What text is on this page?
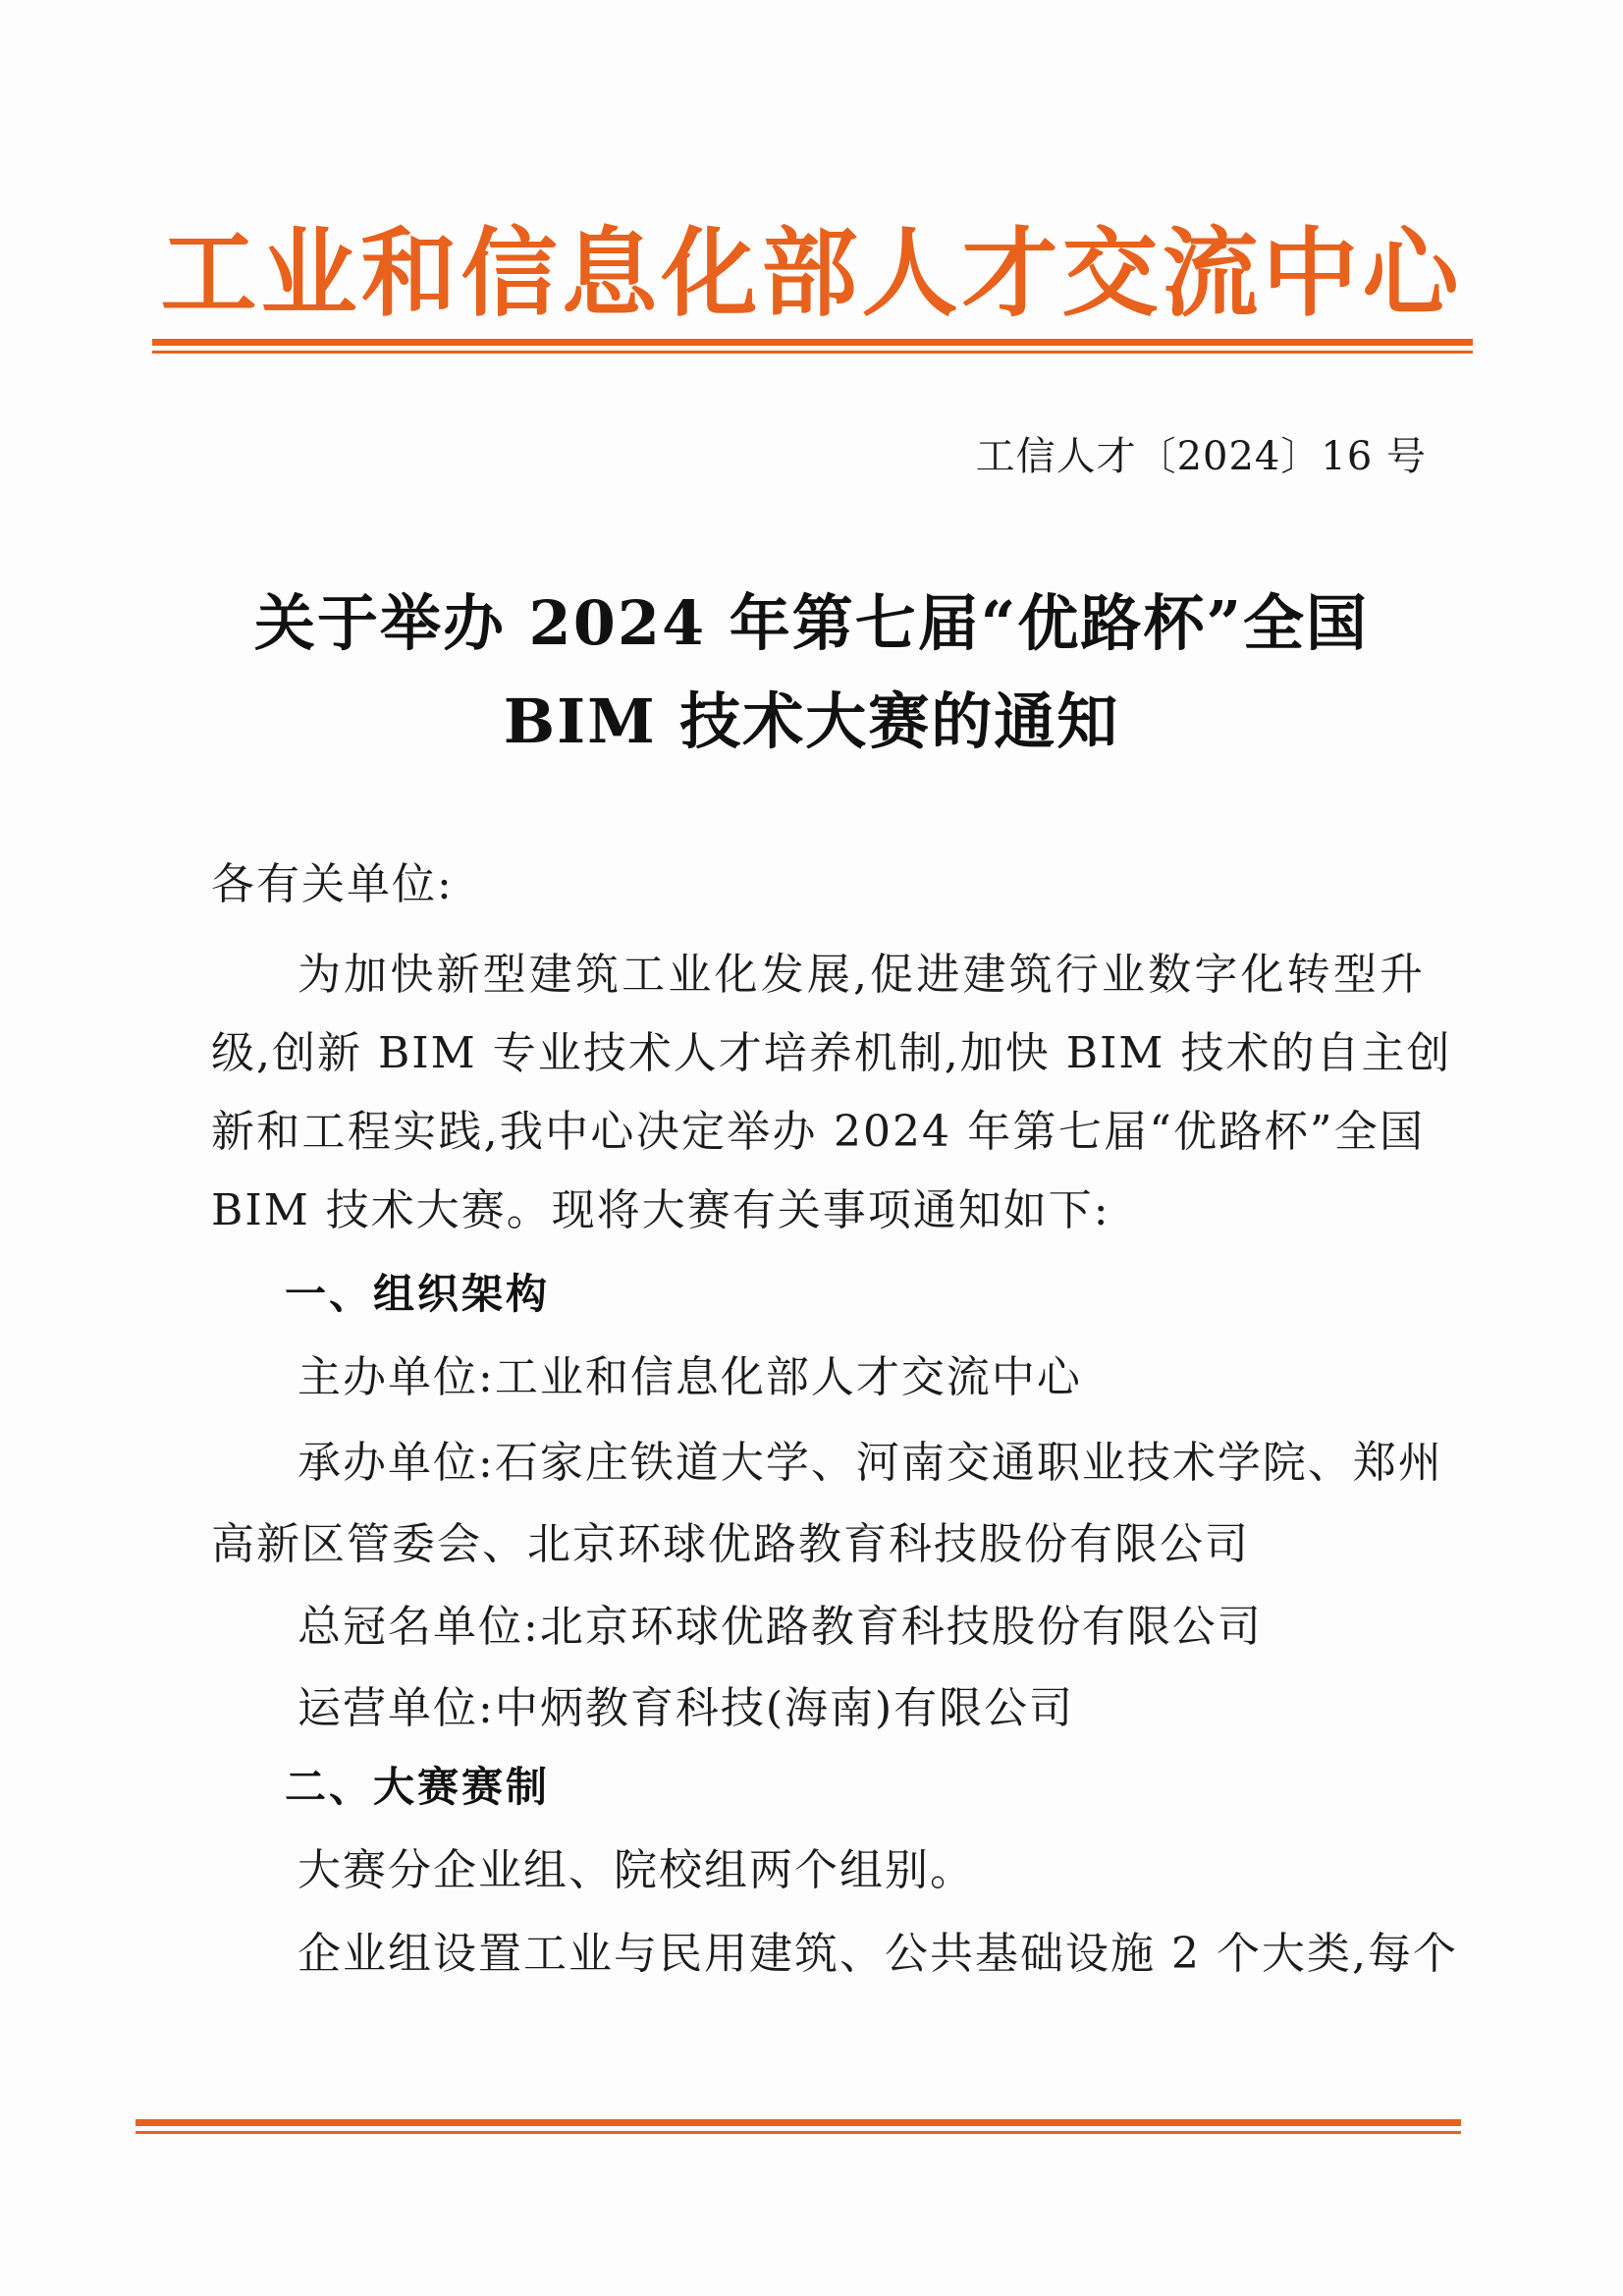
工业和信息化部人才交流中心
工信人才〔2024〕16 号
关于举办 2024 年第七届“优路杯”全国
BIM 技术大赛的通知
各有关单位:
为加快新型建筑工业化发展,促进建筑行业数字化转型升
级,创新 BIM 专业技术人才培养机制,加快 BIM 技术的自主创
新和工程实践,我中心决定举办 2024 年第七届“优路杯”全国
BIM 技术大赛。现将大赛有关事项通知如下:
一、组织架构
主办单位:工业和信息化部人才交流中心
承办单位:石家庄铁道大学、河南交通职业技术学院、郑州
高新区管委会、北京环球优路教育科技股份有限公司
总冠名单位:北京环球优路教育科技股份有限公司
运营单位:中炳教育科技(海南)有限公司
二、大赛赛制
大赛分企业组、院校组两个组别。
企业组设置工业与民用建筑、公共基础设施 2 个大类,每个
